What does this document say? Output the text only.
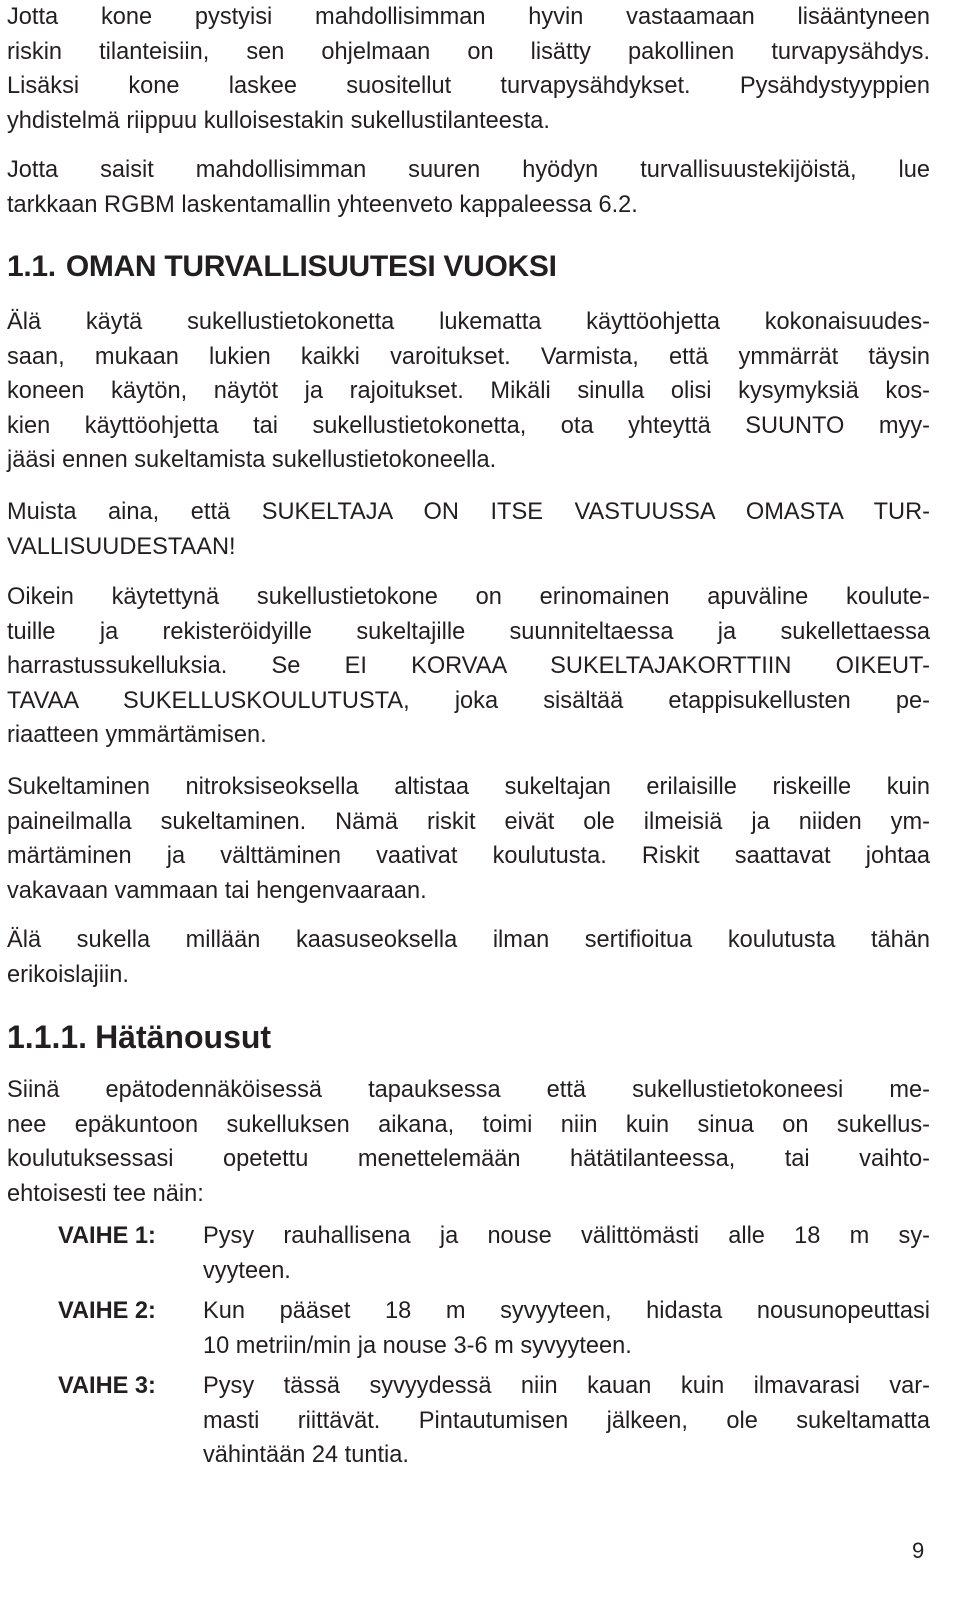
Jotta kone pystyisi mahdollisimman hyvin vastaamaan lisääntyneen
riskin tilanteisiin, sen ohjelmaan on lisätty pakollinen turvapysähdys.
Lisäksi kone laskee suositellut turvapysähdykset. Pysähdystyyppien
yhdistelmä riippuu kulloisestakin sukellustilanteesta.
Jotta saisit mahdollisimman suuren hyödyn turvallisuustekijöistä, lue
tarkkaan RGBM laskentamallin yhteenveto kappaleessa 6.2.
1.1. OMAN TURVALLISUUTESI VUOKSI
Älä käytä sukellustietokonetta lukematta käyttöohjetta kokonaisuudes-
saan, mukaan lukien kaikki varoitukset. Varmista, että ymmärrät täysin
koneen käytön, näytöt ja rajoitukset. Mikäli sinulla olisi kysymyksiä kos-
kien käyttöohjetta tai sukellustietokonetta, ota yhteyttä SUUNTO myy-
jääsi ennen sukeltamista sukellustietokoneella.
Muista aina, että SUKELTAJA ON ITSE VASTUUSSA OMASTA TUR-
VALLISUUDESTAAN!
Oikein käytettynä sukellustietokone on erinomainen apuväline koulute-
tuille ja rekisteröidyille sukeltajille suunniteltaessa ja sukellettaessa
harrastussukelluksia. Se EI KORVAA SUKELTAJAKORTTIIN OIKEUT-
TAVAA SUKELLUSKOULUTUSTA, joka sisältää etappisukellusten pe-
riaatteen ymmärtämisen.
Sukeltaminen nitroksiseoksella altistaa sukeltajan erilaisille riskeille kuin
paineilmalla sukeltaminen. Nämä riskit eivät ole ilmeisiä ja niiden ym-
märtäminen ja välttäminen vaativat koulutusta. Riskit saattavat johtaa
vakavaan vammaan tai hengenvaaraan.
Älä sukella millään kaasuseoksella ilman sertifioitua koulutusta tähän
erikoislajiin.
1.1.1. Hätänousut
Siinä epätodennäköisessä tapauksessa että sukellustietokoneesi me-
nee epäkuntoon sukelluksen aikana, toimi niin kuin sinua on sukellus-
koulutuksessasi opetettu menettelemään hätätilanteessa, tai vaihto-
ehtoisesti tee näin:
VAIHE 1:	Pysy rauhallisena ja nouse välittömästi alle 18 m sy-
vyyteen.
VAIHE 2:	Kun pääset 18 m syvyyteen, hidasta nousunopeuttasi
10 metriin/min ja nouse 3-6 m syvyyteen.
VAIHE 3:	Pysy tässä syvyydessä niin kauan kuin ilmavarasi var-
masti riittävät. Pintautumisen jälkeen, ole sukeltamatta
vähintään 24 tuntia.
9
